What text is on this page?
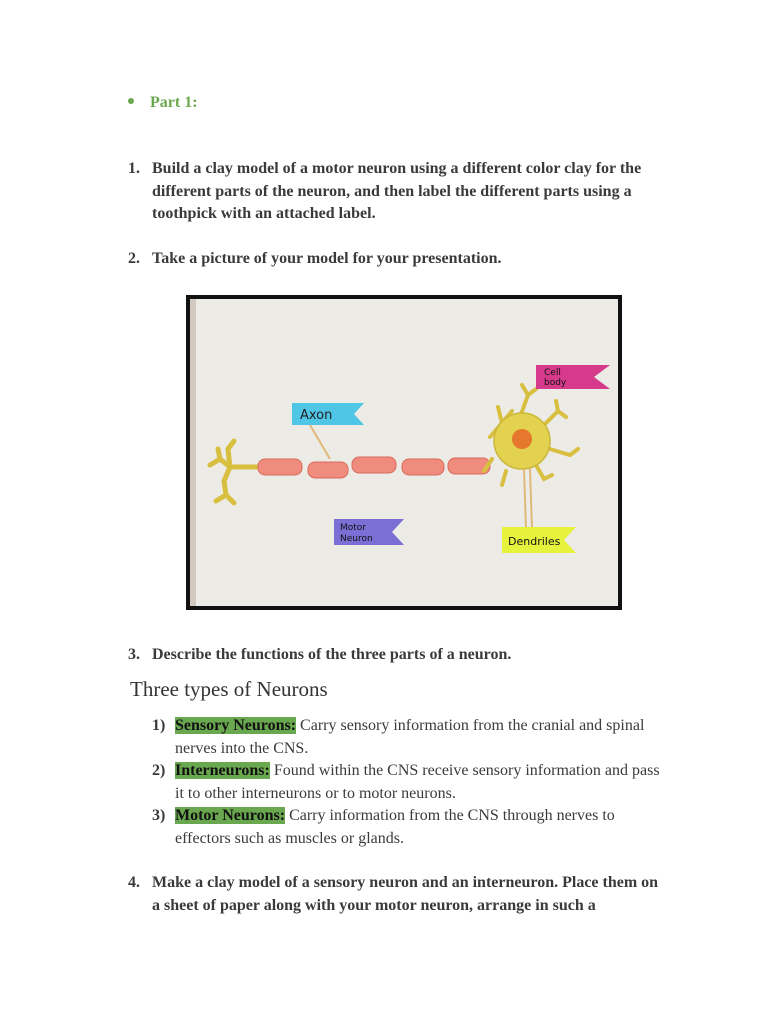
Part 1:
1. Build a clay model of a motor neuron using a different color clay for the different parts of the neuron, and then label the different parts using a toothpick with an attached label.
2. Take a picture of your model for your presentation.
Axon
Cell
body
Motor
Neuron	Dendriles
3. Describe the functions of the three parts of a neuron.
Three types of Neurons
1) Sensory Neurons: Carry sensory information from the cranial and spinal nerves into the CNS.
2) Interneurons: Found within the CNS receive sensory information and pass it to other interneurons or to motor neurons.
3) Motor Neurons: Carry information from the CNS through nerves to effectors such as muscles or glands.
4. Make a clay model of a sensory neuron and an interneuron. Place them on a sheet of paper along with your motor neuron, arrange in such a
